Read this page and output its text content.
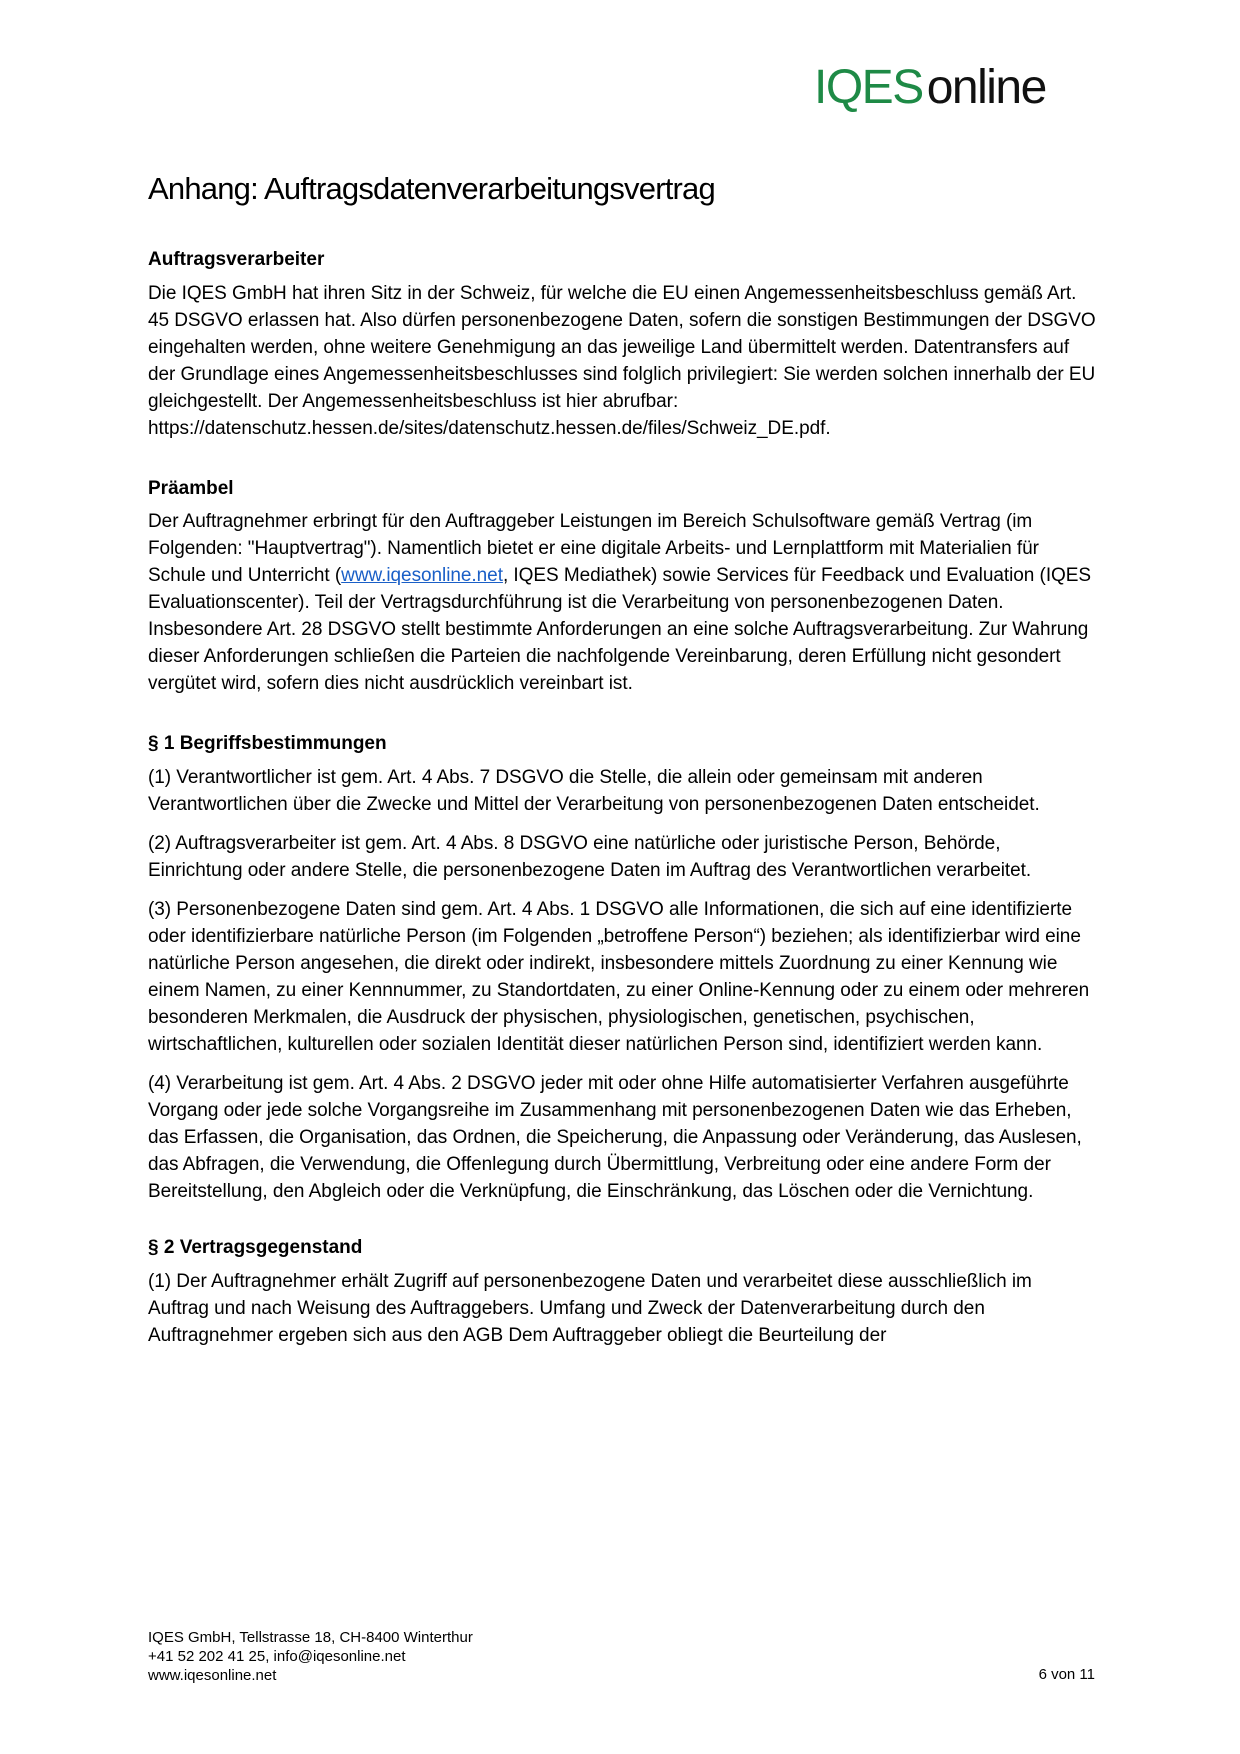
IQESonline
Anhang: Auftragsdatenverarbeitungsvertrag
Auftragsverarbeiter

Die IQES GmbH hat ihren Sitz in der Schweiz, für welche die EU einen Angemessenheitsbeschluss gemäß Art. 45 DSGVO erlassen hat. Also dürfen personenbezogene Daten, sofern die sonstigen Bestimmungen der DSGVO eingehalten werden, ohne weitere Genehmigung an das jeweilige Land übermittelt werden. Datentransfers auf der Grundlage eines Angemessenheitsbeschlusses sind folglich privilegiert: Sie werden solchen innerhalb der EU gleichgestellt. Der Angemessenheitsbeschluss ist hier abrufbar: https://datenschutz.hessen.de/sites/datenschutz.hessen.de/files/Schweiz_DE.pdf.

Präambel

Der Auftragnehmer erbringt für den Auftraggeber Leistungen im Bereich Schulsoftware gemäß Vertrag (im Folgenden: "Hauptvertrag"). Namentlich bietet er eine digitale Arbeits- und Lernplattform mit Materialien für Schule und Unterricht (www.iqesonline.net, IQES Mediathek) sowie Services für Feedback und Evaluation (IQES Evaluationscenter). Teil der Vertragsdurchführung ist die Verarbeitung von personenbezogenen Daten. Insbesondere Art. 28 DSGVO stellt bestimmte Anforderungen an eine solche Auftragsverarbeitung. Zur Wahrung dieser Anforderungen schließen die Parteien die nachfolgende Vereinbarung, deren Erfüllung nicht gesondert vergütet wird, sofern dies nicht ausdrücklich vereinbart ist.

§ 1 Begriffsbestimmungen

(1) Verantwortlicher ist gem. Art. 4 Abs. 7 DSGVO die Stelle, die allein oder gemeinsam mit anderen Verantwortlichen über die Zwecke und Mittel der Verarbeitung von personenbezogenen Daten entscheidet.

(2) Auftragsverarbeiter ist gem. Art. 4 Abs. 8 DSGVO eine natürliche oder juristische Person, Behörde, Einrichtung oder andere Stelle, die personenbezogene Daten im Auftrag des Verantwortlichen verarbeitet.

(3) Personenbezogene Daten sind gem. Art. 4 Abs. 1 DSGVO alle Informationen, die sich auf eine identifizierte oder identifizierbare natürliche Person (im Folgenden „betroffene Person“) beziehen; als identifizierbar wird eine natürliche Person angesehen, die direkt oder indirekt, insbesondere mittels Zuordnung zu einer Kennung wie einem Namen, zu einer Kennnummer, zu Standortdaten, zu einer Online-Kennung oder zu einem oder mehreren besonderen Merkmalen, die Ausdruck der physischen, physiologischen, genetischen, psychischen, wirtschaftlichen, kulturellen oder sozialen Identität dieser natürlichen Person sind, identifiziert werden kann.

(4) Verarbeitung ist gem. Art. 4 Abs. 2 DSGVO jeder mit oder ohne Hilfe automatisierter Verfahren ausgeführte Vorgang oder jede solche Vorgangsreihe im Zusammenhang mit personenbezogenen Daten wie das Erheben, das Erfassen, die Organisation, das Ordnen, die Speicherung, die Anpassung oder Veränderung, das Auslesen, das Abfragen, die Verwendung, die Offenlegung durch Übermittlung, Verbreitung oder eine andere Form der Bereitstellung, den Abgleich oder die Verknüpfung, die Einschränkung, das Löschen oder die Vernichtung.

§ 2 Vertragsgegenstand

(1) Der Auftragnehmer erhält Zugriff auf personenbezogene Daten und verarbeitet diese ausschließlich im Auftrag und nach Weisung des Auftraggebers. Umfang und Zweck der Datenverarbeitung durch den Auftragnehmer ergeben sich aus den AGB Dem Auftraggeber obliegt die Beurteilung der

IQES GmbH, Tellstrasse 18, CH-8400 Winterthur
+41 52 202 41 25, info@iqesonline.net
www.iqesonline.net	6 von 11
